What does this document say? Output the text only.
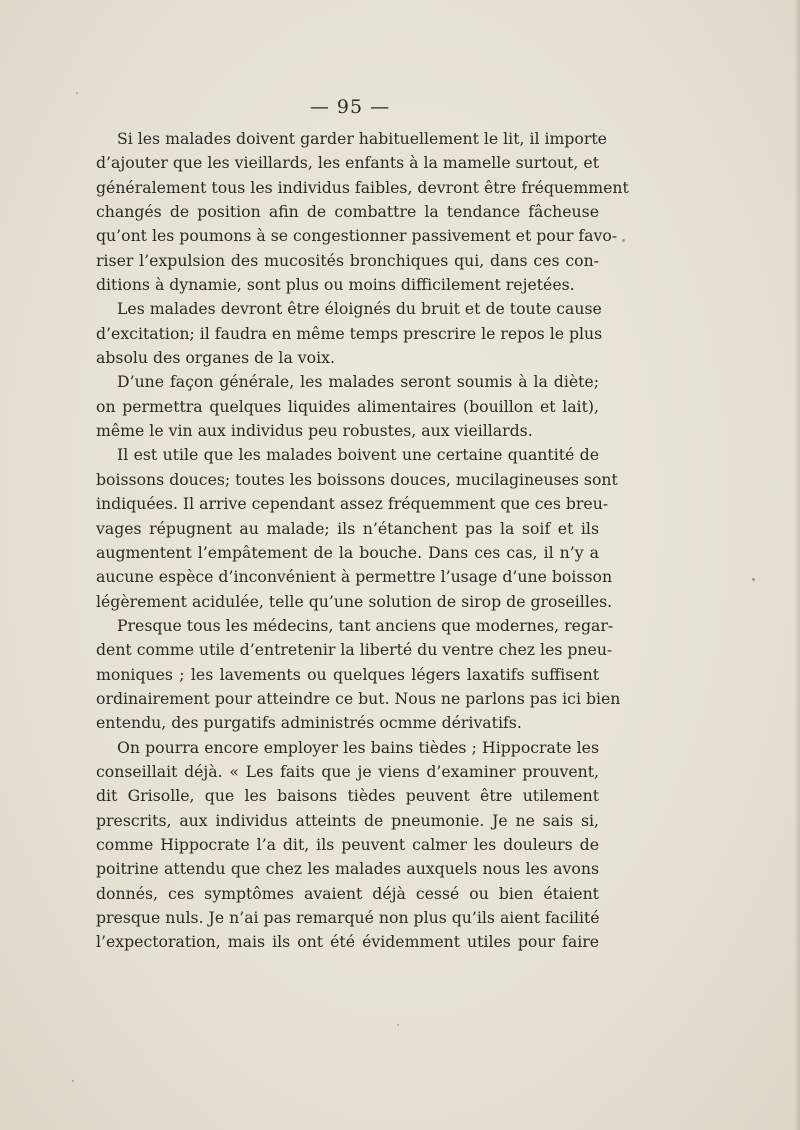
— 95 —
Si les malades doivent garder habituellement le lit, il importe
d’ajouter que les vieillards, les enfants à la mamelle surtout, et
généralement tous les individus faibles, devront être fréquemment
changés de position afin de combattre la tendance fâcheuse
qu’ont les poumons à se congestionner passivement et pour favo-
riser l’expulsion des mucosités bronchiques qui, dans ces con-
ditions à dynamie, sont plus ou moins difficilement rejetées.
Les malades devront être éloignés du bruit et de toute cause
d’excitation; il faudra en même temps prescrire le repos le plus
absolu des organes de la voix.
D’une façon générale, les malades seront soumis à la diète;
on permettra quelques liquides alimentaires (bouillon et lait),
même le vin aux individus peu robustes, aux vieillards.
Il est utile que les malades boivent une certaine quantité de
boissons douces; toutes les boissons douces, mucilagineuses sont
indiquées. Il arrive cependant assez fréquemment que ces breu-
vages répugnent au malade; ils n’étanchent pas la soif et ils
augmentent l’empâtement de la bouche. Dans ces cas, il n’y a
aucune espèce d’inconvénient à permettre l’usage d’une boisson
légèrement acidulée, telle qu’une solution de sirop de groseilles.
Presque tous les médecins, tant anciens que modernes, regar-
dent comme utile d’entretenir la liberté du ventre chez les pneu-
moniques ; les lavements ou quelques légers laxatifs suffisent
ordinairement pour atteindre ce but. Nous ne parlons pas ici bien
entendu, des purgatifs administrés ocmme dérivatifs.
On pourra encore employer les bains tièdes ; Hippocrate les
conseillait déjà. « Les faits que je viens d’examiner prouvent,
dit Grisolle, que les baisons tièdes peuvent être utilement
prescrits, aux individus atteints de pneumonie. Je ne sais si,
comme Hippocrate l’a dit, ils peuvent calmer les douleurs de
poitrine attendu que chez les malades auxquels nous les avons
donnés, ces symptômes avaient déjà cessé ou bien étaient
presque nuls. Je n’ai pas remarqué non plus qu’ils aient facilité
l’expectoration, mais ils ont été évidemment utiles pour faire
